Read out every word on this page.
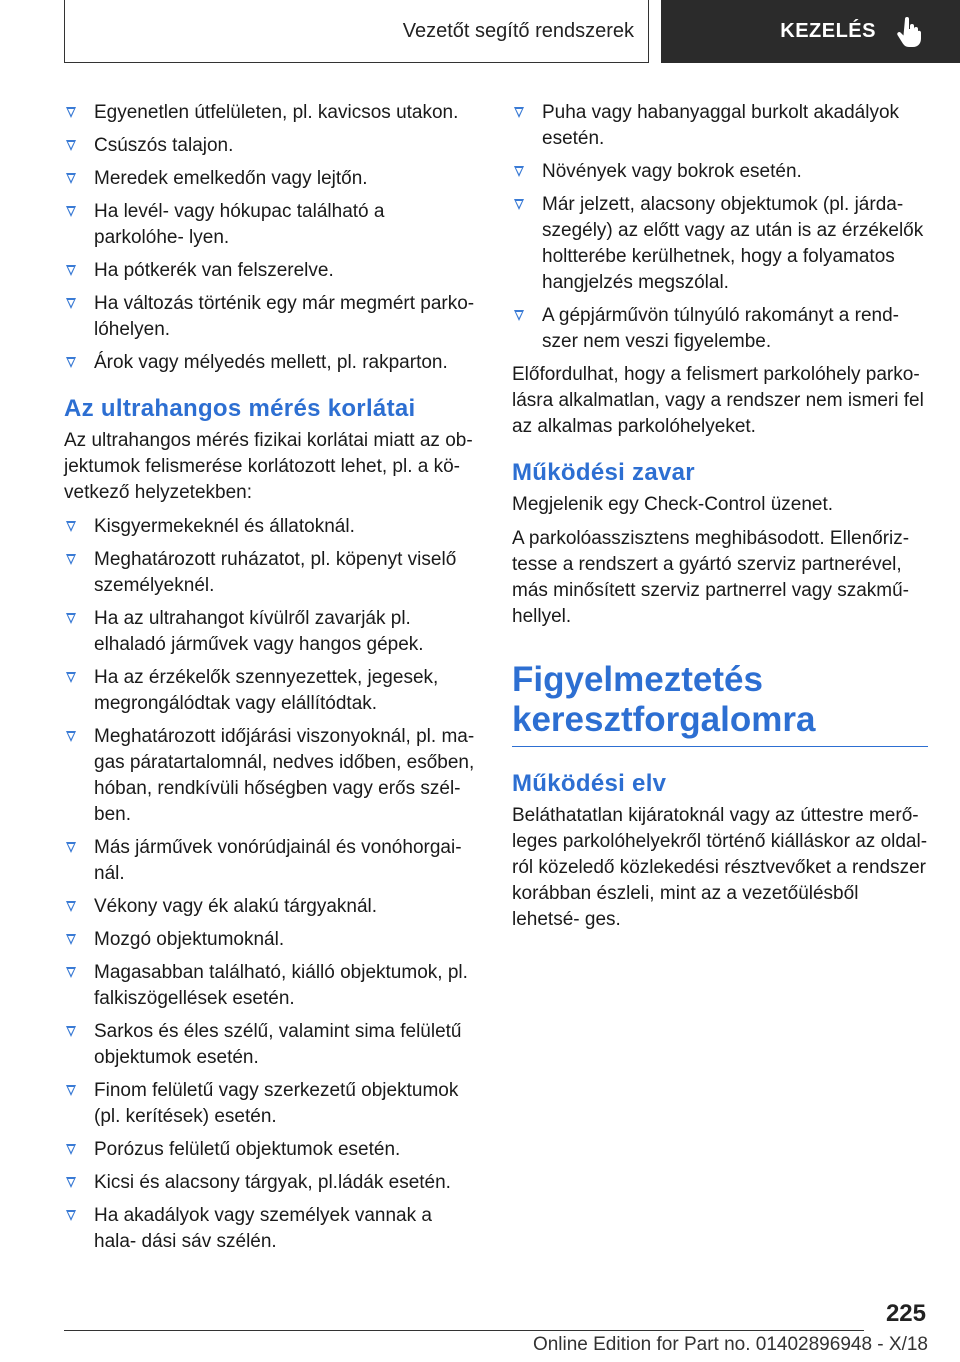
Vezetőt segítő rendszerek	KEZELÉS
Egyenetlen útfelületen, pl. kavicsos utakon.
Csúszós talajon.
Meredek emelkedőn vagy lejtőn.
Ha levél- vagy hókupac található a parkolóhe‐ lyen.
Ha pótkerék van felszerelve.
Ha változás történik egy már megmért parko‐ lóhelyen.
Árok vagy mélyedés mellett, pl. rakparton.
Az ultrahangos mérés korlátai

Az ultrahangos mérés fizikai korlátai miatt az ob‐ jektumok felismerése korlátozott lehet, pl. a kö‐ vetkező helyzetekben:

Kisgyermekeknél és állatoknál.
Meghatározott ruházatot, pl. köpenyt viselő személyeknél.
Ha az ultrahangot kívülről zavarják pl. elhaladó járművek vagy hangos gépek.
Ha az érzékelők szennyezettek, jegesek, megrongálódtak vagy elállítódtak.
Meghatározott időjárási viszonyoknál, pl. ma‐ gas páratartalomnál, nedves időben, esőben, hóban, rendkívüli hőségben vagy erős szél‐ ben.
Más járművek vonórúdjainál és vonóhorgai‐ nál.
Vékony vagy ék alakú tárgyaknál.
Mozgó objektumoknál.
Magasabban található, kiálló objektumok, pl. falkiszögellések esetén.
Sarkos és éles szélű, valamint sima felületű objektumok esetén.
Finom felületű vagy szerkezetű objektumok (pl. kerítések) esetén.
Porózus felületű objektumok esetén.
Kicsi és alacsony tárgyak, pl.ládák esetén.
Ha akadályok vagy személyek vannak a hala‐ dási sáv szélén.
Puha vagy habanyaggal burkolt akadályok esetén.
Növények vagy bokrok esetén.
Már jelzett, alacsony objektumok (pl. járda‐ szegély) az előtt vagy az után is az érzékelők holtterébe kerülhetnek, hogy a folyamatos hangjelzés megszólal.
A gépjárművön túlnyúló rakományt a rend‐ szer nem veszi figyelembe.

Előfordulhat, hogy a felismert parkolóhely parko‐ lásra alkalmatlan, vagy a rendszer nem ismeri fel az alkalmas parkolóhelyeket.

Működési zavar

Megjelenik egy Check-Control üzenet.

A parkolóasszisztens meghibásodott. Ellenőriz‐ tesse a rendszert a gyártó szerviz partnerével, más minősített szerviz partnerrel vagy szakmű‐ hellyel.

Figyelmeztetés keresztforgalomra
Működési elv

Beláthatatlan kijáratoknál vagy az úttestre merő‐ leges parkolóhelyekről történő kiálláskor az oldal‐ ról közeledő közlekedési résztvevőket a rendszer korábban észleli, mint az a vezetőülésből lehetsé‐ ges.

225
Online Edition for Part no. 01402896948 - X/18
